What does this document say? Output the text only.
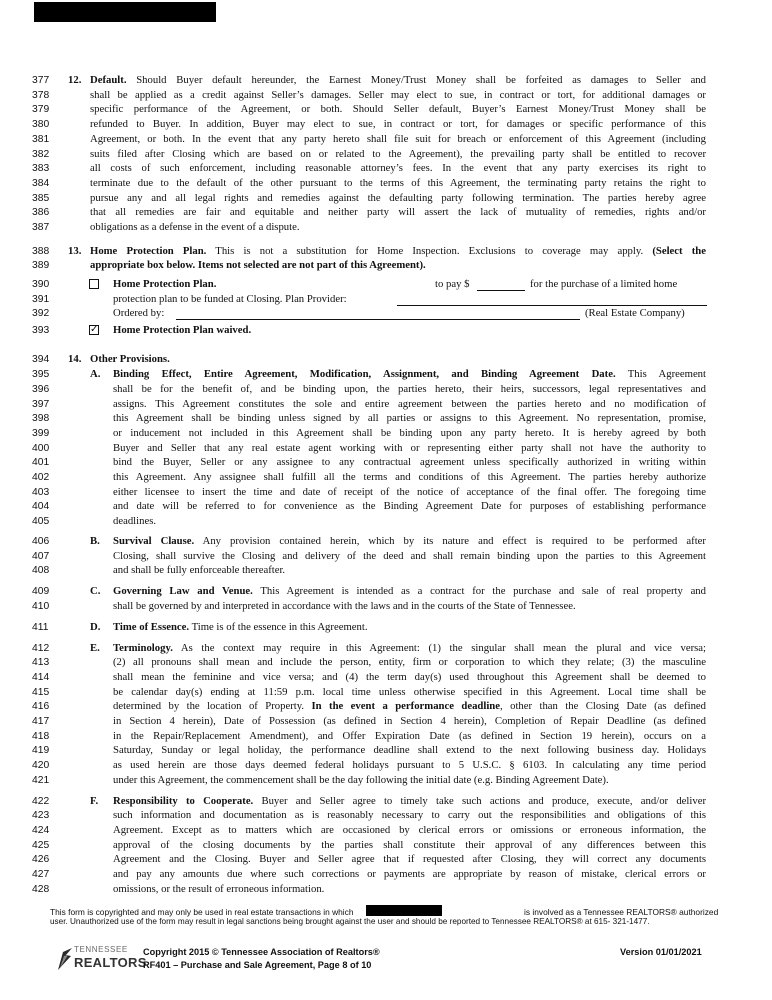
377	12. Default. Should Buyer default hereunder, the Earnest Money/Trust Money shall be forfeited as damages to Seller and
378	shall be applied as a credit against Seller’s damages. Seller may elect to sue, in contract or tort, for additional damages or
379	specific performance of the Agreement, or both. Should Seller default, Buyer’s Earnest Money/Trust Money shall be
380	refunded to Buyer. In addition, Buyer may elect to sue, in contract or tort, for damages or specific performance of this
381	Agreement, or both. In the event that any party hereto shall file suit for breach or enforcement of this Agreement (including
382	suits filed after Closing which are based on or related to the Agreement), the prevailing party shall be entitled to recover
383	all costs of such enforcement, including reasonable attorney’s fees. In the event that any party exercises its right to
384	terminate due to the default of the other pursuant to the terms of this Agreement, the terminating party retains the right to
385	pursue any and all legal rights and remedies against the defaulting party following termination. The parties hereby agree
386	that all remedies are fair and equitable and neither party will assert the lack of mutuality of remedies, rights and/or
387	obligations as a defense in the event of a dispute.
388	13. Home Protection Plan. This is not a substitution for Home Inspection. Exclusions to coverage may apply. (Select the
389	appropriate box below. Items not selected are not part of this Agreement).
394	14. Other Provisions.
395	A. Binding Effect, Entire Agreement, Modification, Assignment, and Binding Agreement Date. This Agreement
396	shall be for the benefit of, and be binding upon, the parties hereto, their heirs, successors, legal representatives and
397	assigns. This Agreement constitutes the sole and entire agreement between the parties hereto and no modification of
398	this Agreement shall be binding unless signed by all parties or assigns to this Agreement. No representation, promise,
399	or inducement not included in this Agreement shall be binding upon any party hereto. It is hereby agreed by both
400	Buyer and Seller that any real estate agent working with or representing either party shall not have the authority to
401	bind the Buyer, Seller or any assignee to any contractual agreement unless specifically authorized in writing within
402	this Agreement. Any assignee shall fulfill all the terms and conditions of this Agreement. The parties hereby authorize
403	either licensee to insert the time and date of receipt of the notice of acceptance of the final offer. The foregoing time
404	and date will be referred to for convenience as the Binding Agreement Date for purposes of establishing performance
405	deadlines.
406	B. Survival Clause. Any provision contained herein, which by its nature and effect is required to be performed after
407	Closing, shall survive the Closing and delivery of the deed and shall remain binding upon the parties to this Agreement
408	and shall be fully enforceable thereafter.
409	C. Governing Law and Venue. This Agreement is intended as a contract for the purchase and sale of real property and
410	shall be governed by and interpreted in accordance with the laws and in the courts of the State of Tennessee.
411	D. Time of Essence. Time is of the essence in this Agreement.
412	E. Terminology. As the context may require in this Agreement: (1) the singular shall mean the plural and vice versa;
413	(2) all pronouns shall mean and include the person, entity, firm or corporation to which they relate; (3) the masculine
414	shall mean the feminine and vice versa; and (4) the term day(s) used throughout this Agreement shall be deemed to
415	be calendar day(s) ending at 11:59 p.m. local time unless otherwise specified in this Agreement. Local time shall be
416	determined by the location of Property. In the event a performance deadline, other than the Closing Date (as defined
417	in Section 4 herein), Date of Possession (as defined in Section 4 herein), Completion of Repair Deadline (as defined
418	in the Repair/Replacement Amendment), and Offer Expiration Date (as defined in Section 19 herein), occurs on a
419	Saturday, Sunday or legal holiday, the performance deadline shall extend to the next following business day. Holidays
420	as used herein are those days deemed federal holidays pursuant to 5 U.S.C. § 6103. In calculating any time period
421	under this Agreement, the commencement shall be the day following the initial date (e.g. Binding Agreement Date).
422	F. Responsibility to Cooperate. Buyer and Seller agree to timely take such actions and produce, execute, and/or deliver
423	such information and documentation as is reasonably necessary to carry out the responsibilities and obligations of this
424	Agreement. Except as to matters which are occasioned by clerical errors or omissions or erroneous information, the
425	approval of the closing documents by the parties shall constitute their approval of any differences between this
426	Agreement and the Closing. Buyer and Seller agree that if requested after Closing, they will correct any documents
427	and pay any amounts due where such corrections or payments are appropriate by reason of mistake, clerical errors or
428	omissions, or the result of erroneous information.
390	Home Protection Plan.	to pay $	for the purchase of a limited home
391	protection plan to be funded at Closing. Plan Provider:
392	Ordered by:	(Real Estate Company)
393	✓ Home Protection Plan waived.
This form is copyrighted and may only be used in real estate transactions in which	is involved as a Tennessee REALTORS® authorized
user. Unauthorized use of the form may result in legal sanctions being brought against the user and should be reported to Tennessee REALTORS® at 615- 321-1477.
TENNESSEE
REALTORS
Copyright 2015 © Tennessee Association of Realtors®
RF401 – Purchase and Sale Agreement, Page 8 of 10
Version 01/01/2021
